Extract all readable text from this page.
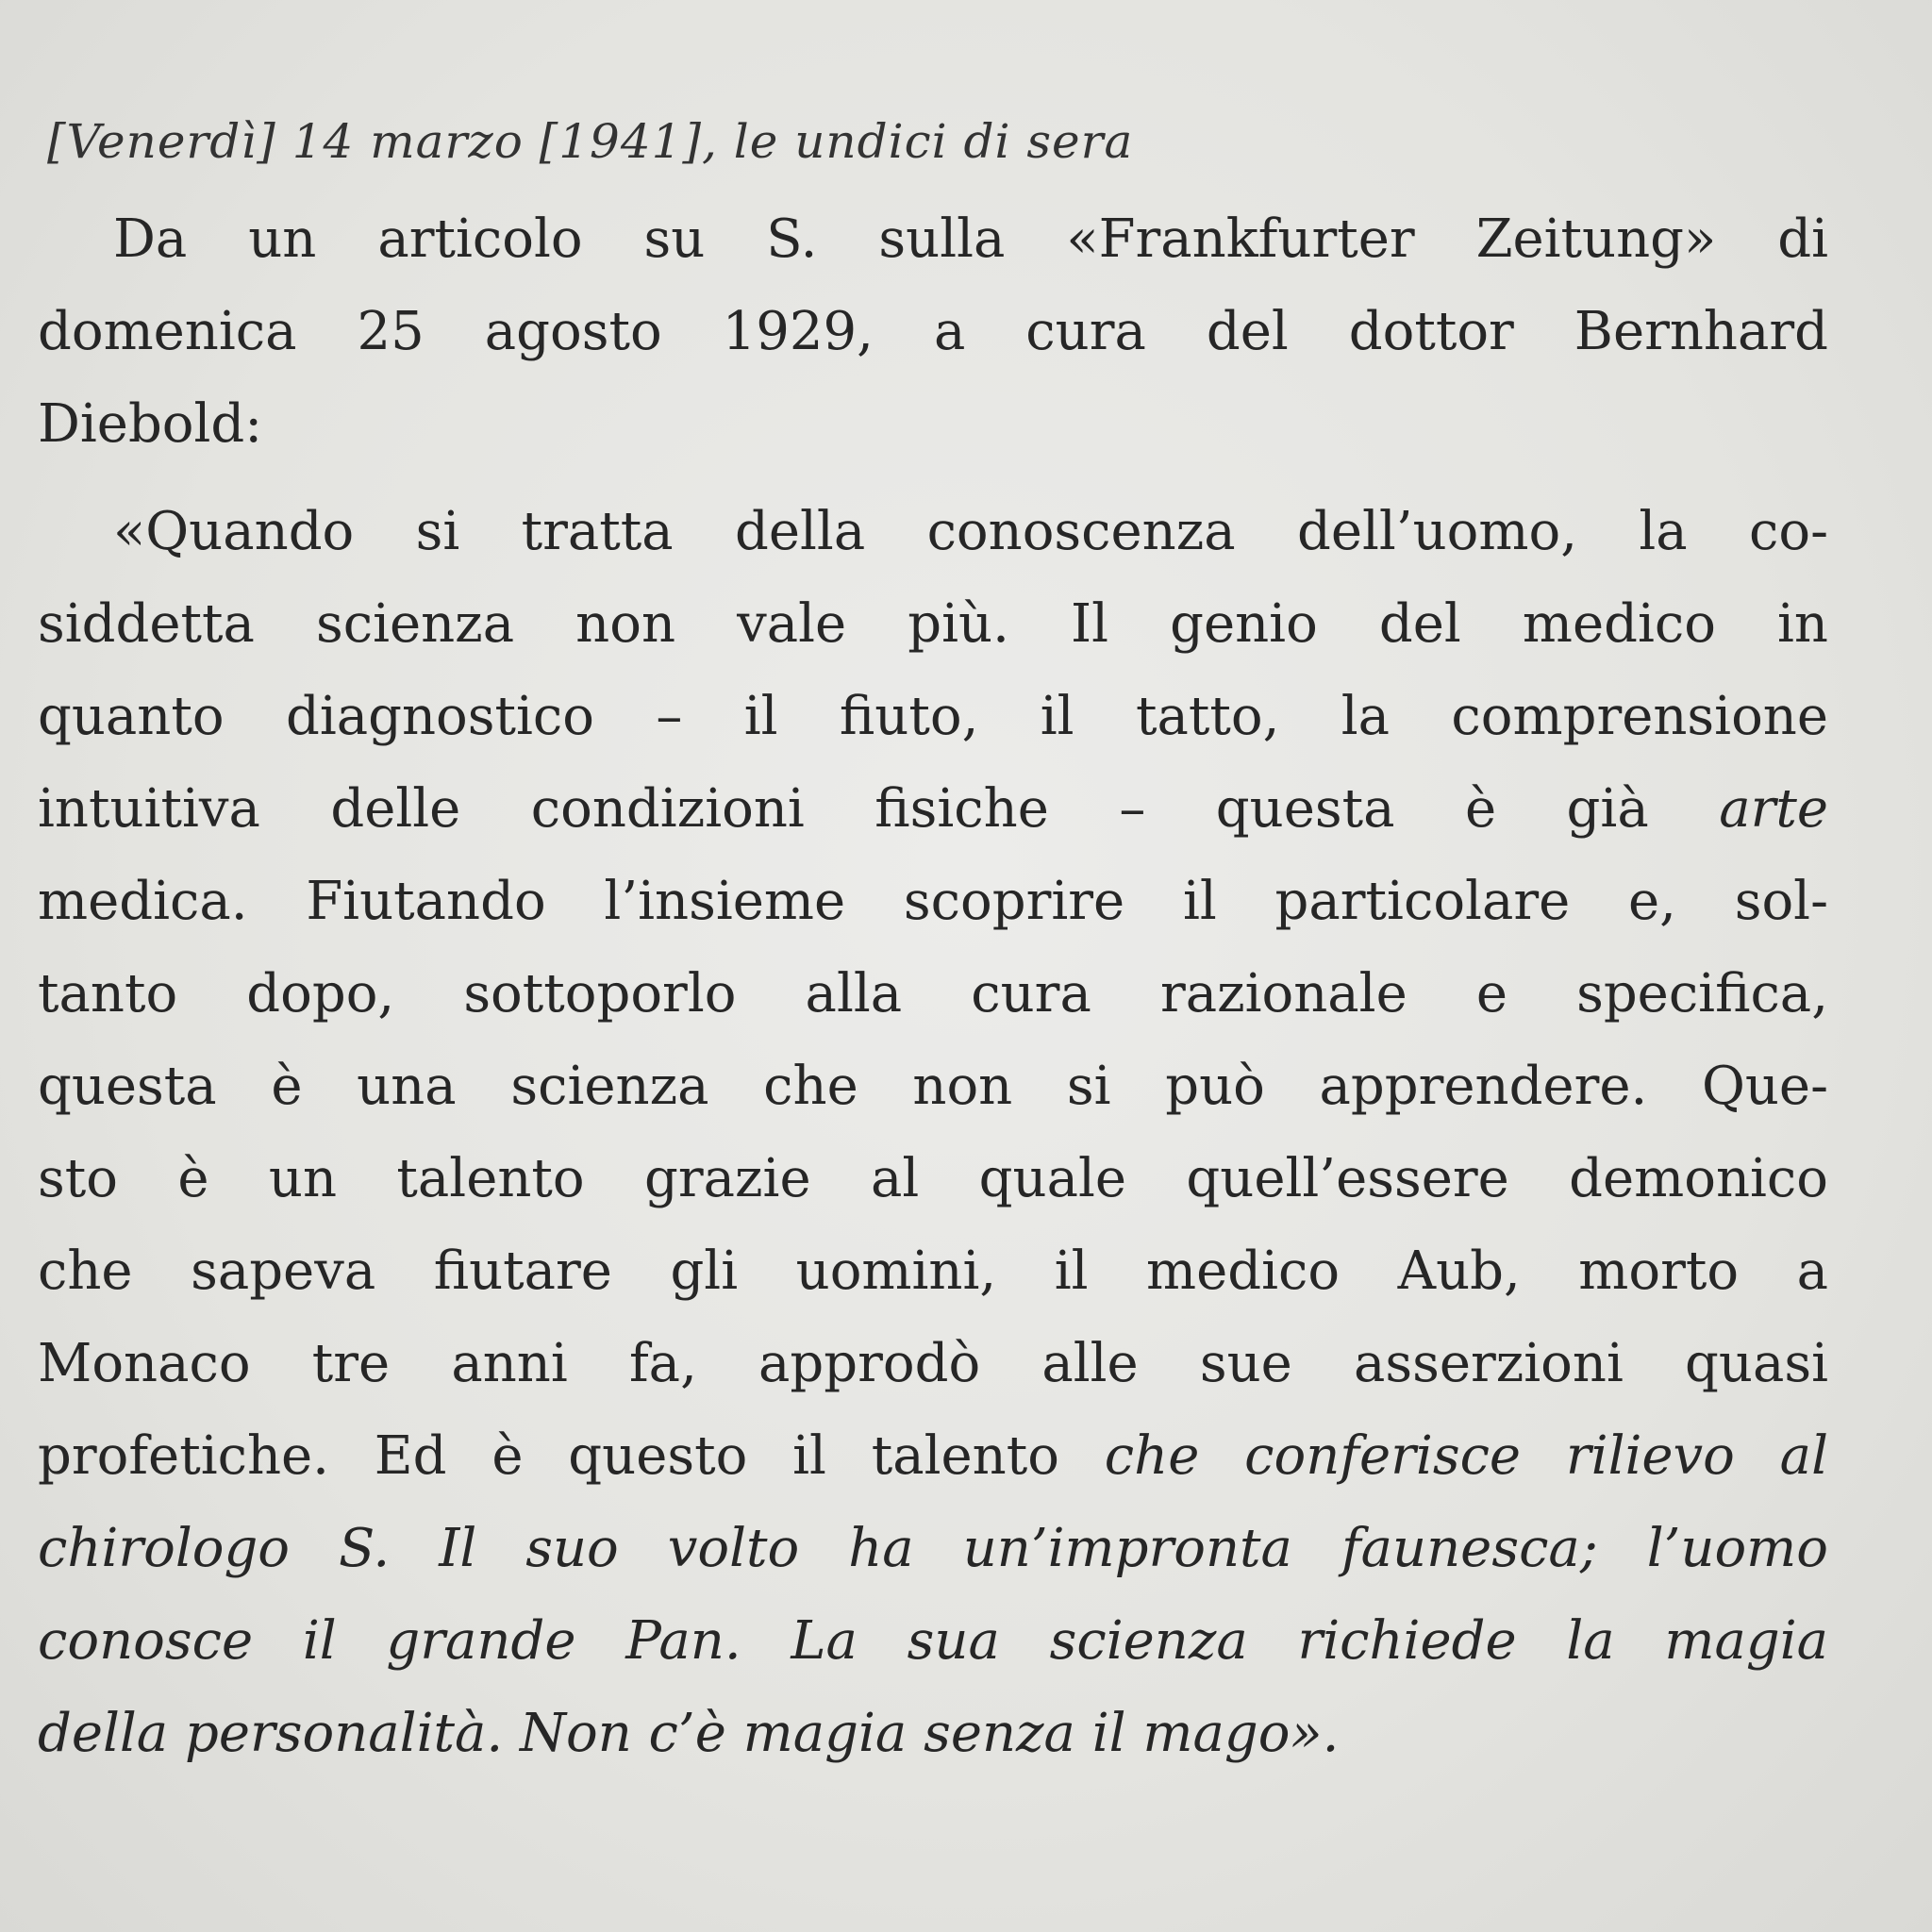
[Venerdì] 14 marzo [1941], le undici di sera
Da un articolo su S. sulla «Frankfurter Zeitung» di
domenica 25 agosto 1929, a cura del dottor Bernhard
Diebold:
«Quando si tratta della conoscenza dell’uomo, la co-
siddetta scienza non vale più. Il genio del medico in
quanto diagnostico – il fiuto, il tatto, la comprensione
intuitiva delle condizioni fisiche – questa è già arte
medica. Fiutando l’insieme scoprire il particolare e, sol-
tanto dopo, sottoporlo alla cura razionale e specifica,
questa è una scienza che non si può apprendere. Que-
sto è un talento grazie al quale quell’essere demonico
che sapeva fiutare gli uomini, il medico Aub, morto a
Monaco tre anni fa, approdò alle sue asserzioni quasi
profetiche. Ed è questo il talento che conferisce rilievo al
chirologo S. Il suo volto ha un’impronta faunesca; l’uomo
conosce il grande Pan. La sua scienza richiede la magia
della personalità. Non c’è magia senza il mago».
